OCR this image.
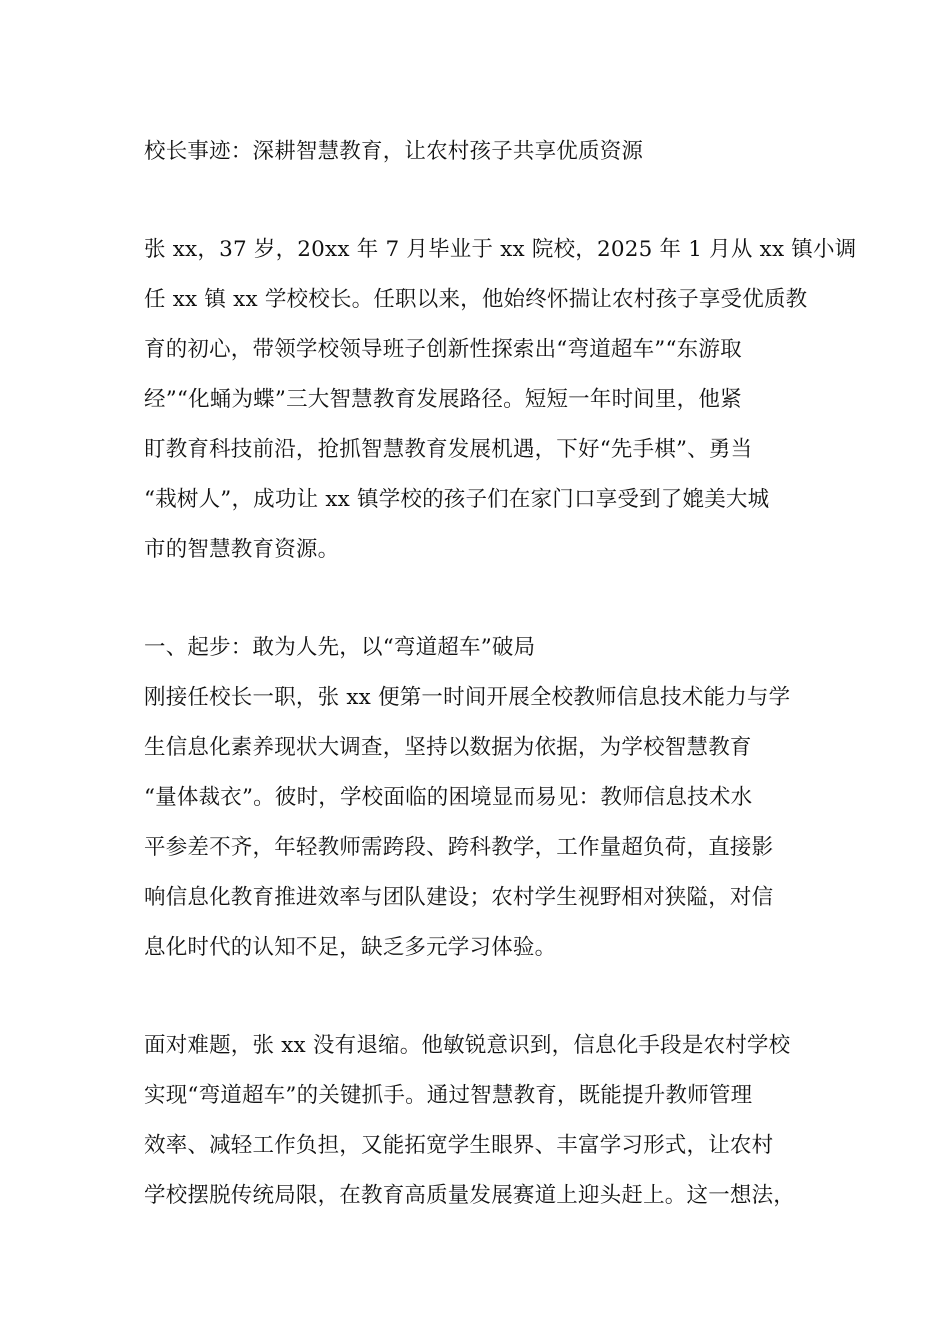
校长事迹：深耕智慧教育，让农村孩子共享优质资源
张 xx，37 岁，20xx 年 7 月毕业于 xx 院校，2025 年 1 月从 xx 镇小调
任 xx 镇 xx 学校校长。任职以来，他始终怀揣让农村孩子享受优质教
育的初心，带领学校领导班子创新性探索出“弯道超车”“东游取
经”“化蛹为蝶”三大智慧教育发展路径。短短一年时间里，他紧
盯教育科技前沿，抢抓智慧教育发展机遇，下好“先手棋”、勇当
“栽树人”，成功让 xx 镇学校的孩子们在家门口享受到了媲美大城
市的智慧教育资源。
一、起步：敢为人先，以“弯道超车”破局
刚接任校长一职，张 xx 便第一时间开展全校教师信息技术能力与学
生信息化素养现状大调查，坚持以数据为依据，为学校智慧教育
“量体裁衣”。彼时，学校面临的困境显而易见：教师信息技术水
平参差不齐，年轻教师需跨段、跨科教学，工作量超负荷，直接影
响信息化教育推进效率与团队建设；农村学生视野相对狭隘，对信
息化时代的认知不足，缺乏多元学习体验。
面对难题，张 xx 没有退缩。他敏锐意识到，信息化手段是农村学校
实现“弯道超车”的关键抓手。通过智慧教育，既能提升教师管理
效率、减轻工作负担，又能拓宽学生眼界、丰富学习形式，让农村
学校摆脱传统局限，在教育高质量发展赛道上迎头赶上。这一想法，
